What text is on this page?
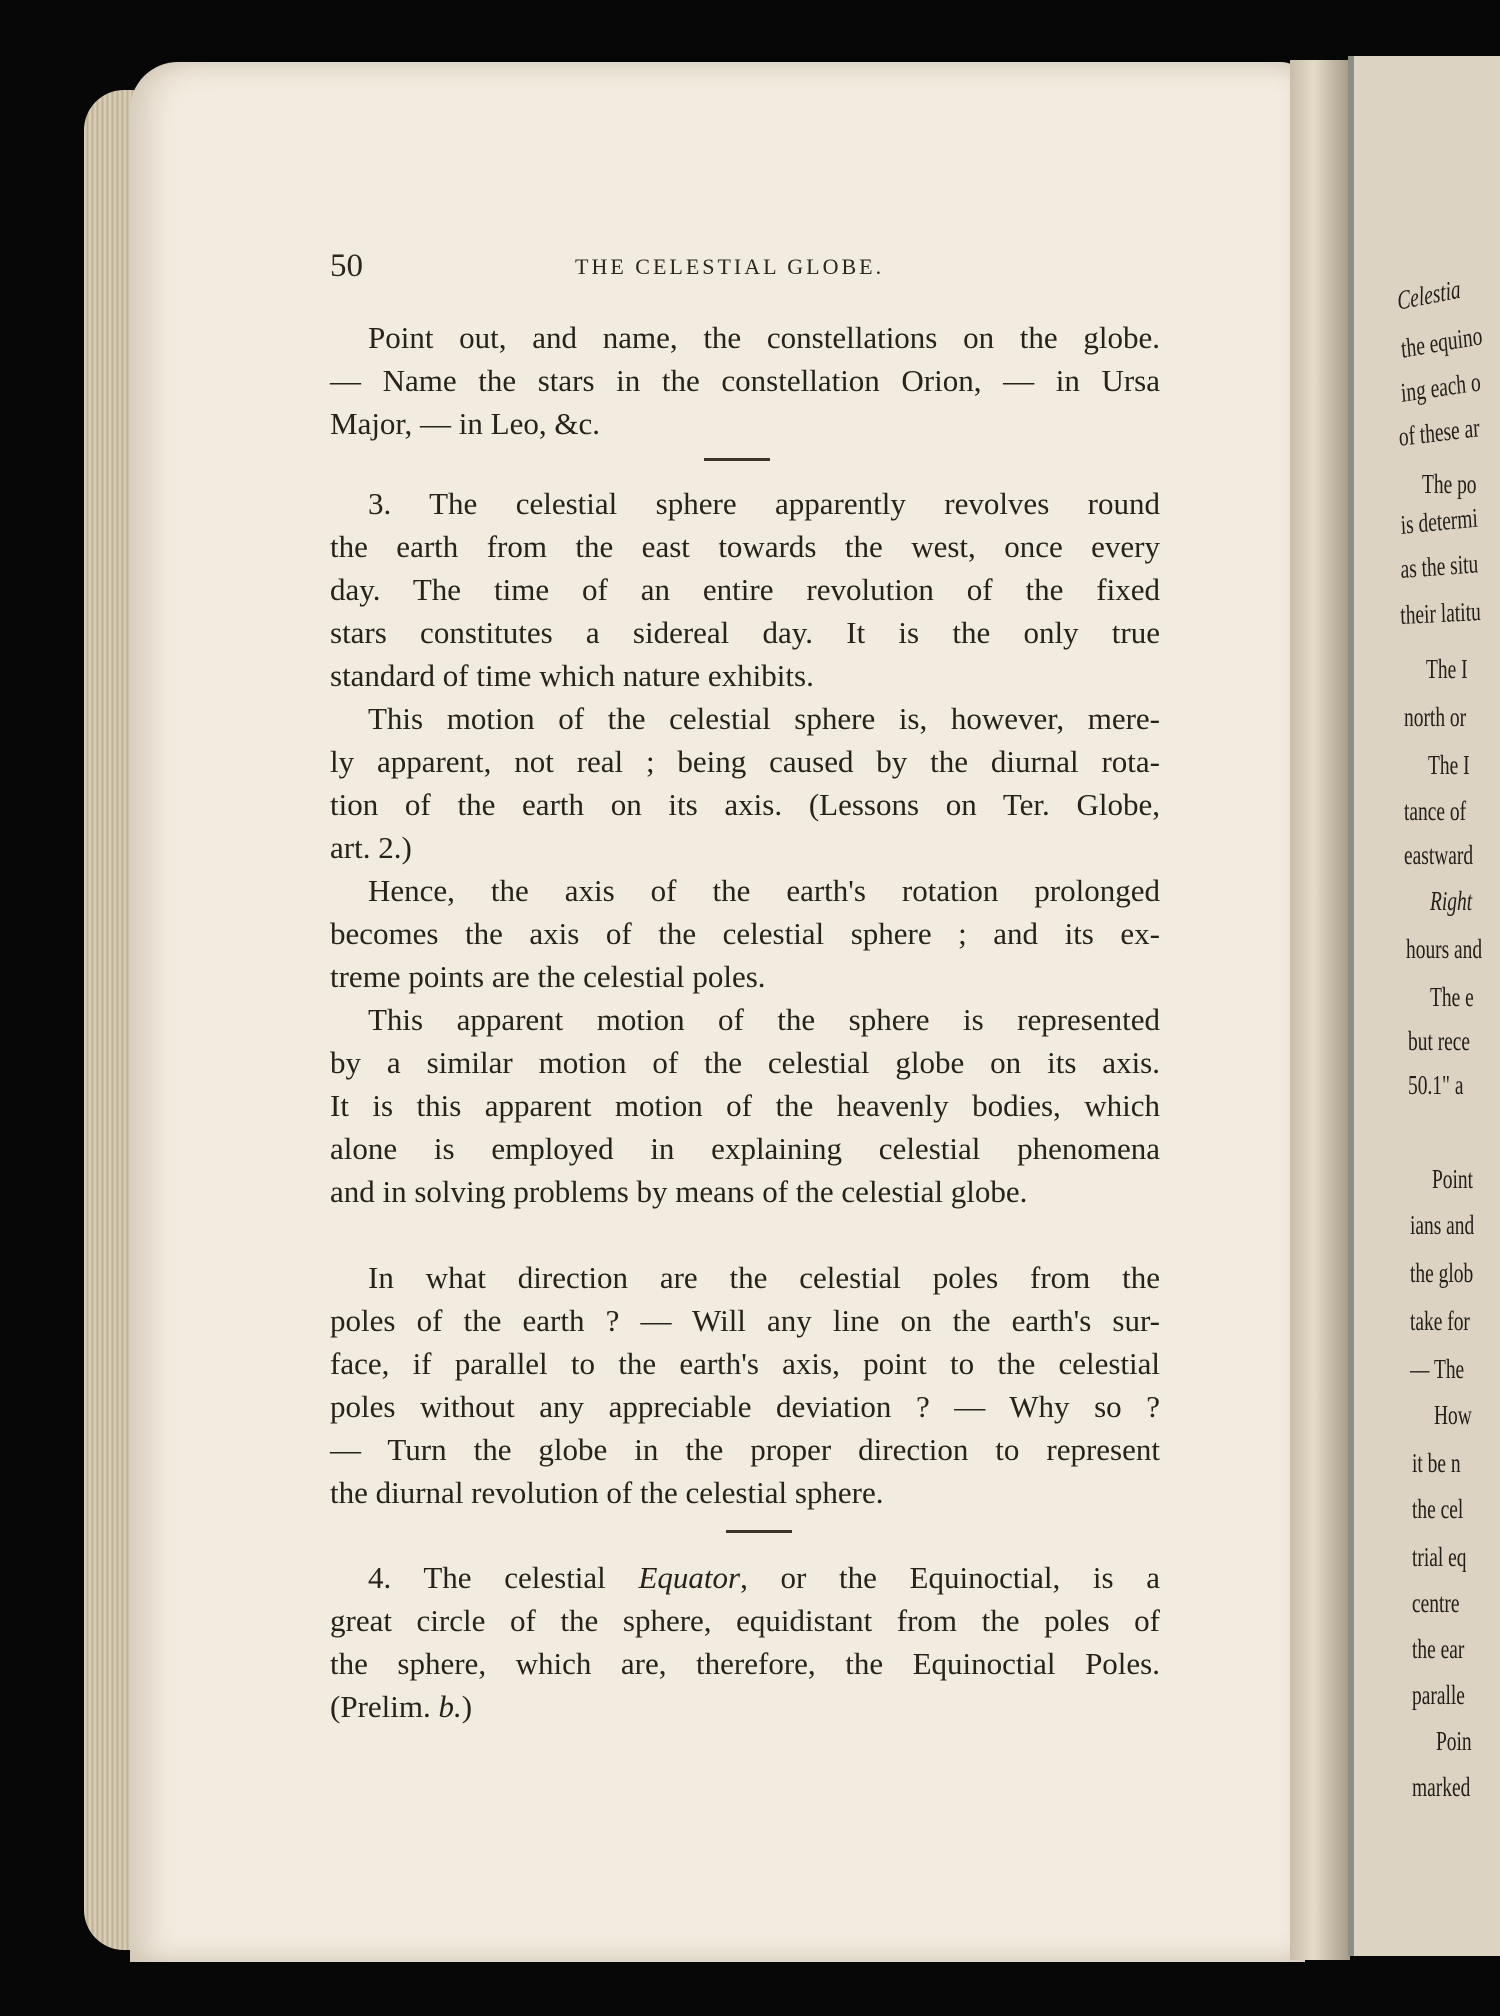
Celestia
the equino
ing each o
of these ar
The po
is determi
as the situ
their latitu
The I
north or
The I
tance of
eastward
Right
hours and
The e
but rece
50.1" a
Point
ians and
the glob
take for
— The
How
it be n
the cel
trial eq
centre
the ear
paralle
Poin
marked
50	THE CELESTIAL GLOBE.
Point out, and name, the constellations on the globe.
— Name the stars in the constellation Orion, — in Ursa
Major, — in Leo, &c.
3. The celestial sphere apparently revolves round
the earth from the east towards the west, once every
day. The time of an entire revolution of the fixed
stars constitutes a sidereal day. It is the only true
standard of time which nature exhibits.
This motion of the celestial sphere is, however, mere-
ly apparent, not real ; being caused by the diurnal rota-
tion of the earth on its axis. (Lessons on Ter. Globe,
art. 2.)
Hence, the axis of the earth's rotation prolonged
becomes the axis of the celestial sphere ; and its ex-
treme points are the celestial poles.
This apparent motion of the sphere is represented
by a similar motion of the celestial globe on its axis.
It is this apparent motion of the heavenly bodies, which
alone is employed in explaining celestial phenomena
and in solving problems by means of the celestial globe.
In what direction are the celestial poles from the
poles of the earth ? — Will any line on the earth's sur-
face, if parallel to the earth's axis, point to the celestial
poles without any appreciable deviation ? — Why so ?
— Turn the globe in the proper direction to represent
the diurnal revolution of the celestial sphere.
4. The celestial Equator, or the Equinoctial, is a
great circle of the sphere, equidistant from the poles of
the sphere, which are, therefore, the Equinoctial Poles.
(Prelim. b.)
